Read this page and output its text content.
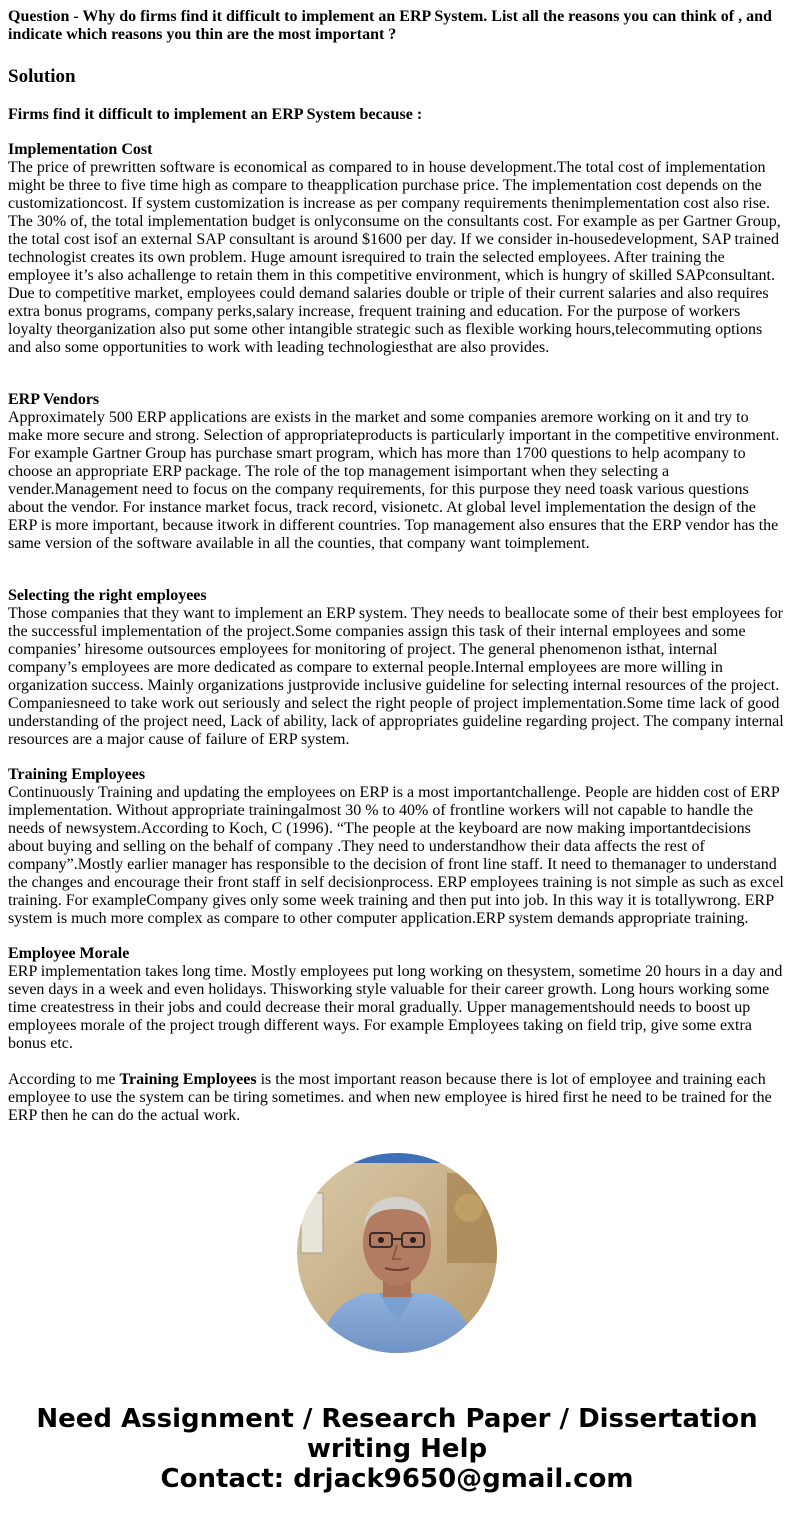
Question - Why do firms find it difficult to implement an ERP System. List all the reasons you can think of , and indicate which reasons you thin are the most important ?

Solution

Firms find it difficult to implement an ERP System because :

Implementation Cost
The price of prewritten software is economical as compared to in house development.The total cost of implementation might be three to five time high as compare to theapplication purchase price. The implementation cost depends on the customizationcost. If system customization is increase as per company requirements thenimplementation cost also rise. The 30% of, the total implementation budget is onlyconsume on the consultants cost. For example as per Gartner Group, the total cost isof an external SAP consultant is around $1600 per day. If we consider in-housedevelopment, SAP trained technologist creates its own problem. Huge amount isrequired to train the selected employees. After training the employee it’s also achallenge to retain them in this competitive environment, which is hungry of skilled SAPconsultant. Due to competitive market, employees could demand salaries double or triple of their current salaries and also requires extra bonus programs, company perks,salary increase, frequent training and education. For the purpose of workers loyalty theorganization also put some other intangible strategic such as flexible working hours,telecommuting options and also some opportunities to work with leading technologiesthat are also provides.
ERP Vendors
Approximately 500 ERP applications are exists in the market and some companies aremore working on it and try to make more secure and strong. Selection of appropriateproducts is particularly important in the competitive environment. For example Gartner Group has purchase smart program, which has more than 1700 questions to help acompany to choose an appropriate ERP package. The role of the top management isimportant when they selecting a vender.Management need to focus on the company requirements, for this purpose they need toask various questions about the vendor. For instance market focus, track record, visionetc. At global level implementation the design of the ERP is more important, because itwork in different countries. Top management also ensures that the ERP vendor has the same version of the software available in all the counties, that company want toimplement.
Selecting the right employees
Those companies that they want to implement an ERP system. They needs to beallocate some of their best employees for the successful implementation of the project.Some companies assign this task of their internal employees and some companies’ hiresome outsources employees for monitoring of project. The general phenomenon isthat, internal company’s employees are more dedicated as compare to external people.Internal employees are more willing in organization success. Mainly organizations justprovide inclusive guideline for selecting internal resources of the project. Companiesneed to take work out seriously and select the right people of project implementation.Some time lack of good understanding of the project need, Lack of ability, lack of appropriates guideline regarding project. The company internal resources are a major cause of failure of ERP system.
Training Employees
Continuously Training and updating the employees on ERP is a most importantchallenge. People are hidden cost of ERP implementation. Without appropriate trainingalmost 30 % to 40% of frontline workers will not capable to handle the needs of newsystem.According to Koch, C (1996). “The people at the keyboard are now making importantdecisions about buying and selling on the behalf of company .They need to understandhow their data affects the rest of company”.Mostly earlier manager has responsible to the decision of front line staff. It need to themanager to understand the changes and encourage their front staff in self decisionprocess. ERP employees training is not simple as such as excel training. For exampleCompany gives only some week training and then put into job. In this way it is totallywrong. ERP system is much more complex as compare to other computer application.ERP system demands appropriate training.
Employee Morale
ERP implementation takes long time. Mostly employees put long working on thesystem, sometime 20 hours in a day and seven days in a week and even holidays. Thisworking style valuable for their career growth. Long hours working some time createstress in their jobs and could decrease their moral gradually. Upper managementshould needs to boost up employees morale of the project trough different ways. For example Employees taking on field trip, give some extra bonus etc.

According to me Training Employees is the most important reason because there is lot of employee and training each employee to use the system can be tiring sometimes. and when new employee is hired first he need to be trained for the ERP then he can do the actual work.

Need Assignment / Research Paper / Dissertation
writing Help
Contact: drjack9650@gmail.com
